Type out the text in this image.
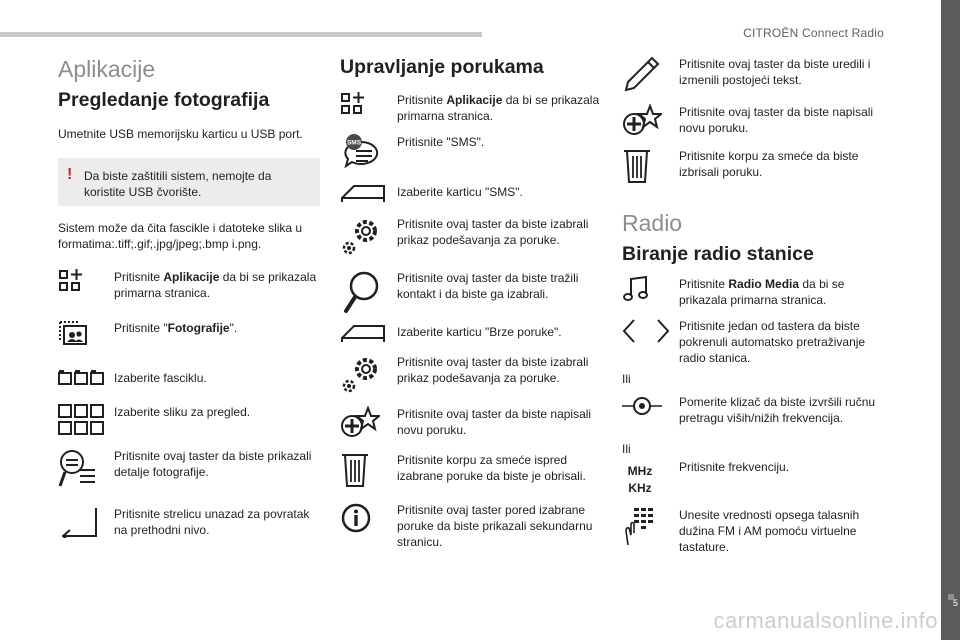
CITROËN Connect Radio
5
carmanualsonline.info
Aplikacije
Pregledanje fotografija
Umetnite USB memorijsku karticu u USB port.
! Da biste zaštitili sistem, nemojte da koristite USB čvorište.
Sistem može da čita fascikle i datoteke slika u formatima:.tiff;.gif;.jpg/jpeg;.bmp i.png.
Pritisnite Aplikacije da bi se prikazala primarna stranica.
Pritisnite "Fotografije".
Izaberite fasciklu.
Izaberite sliku za pregled.
Pritisnite ovaj taster da biste prikazali detalje fotografije.
Pritisnite strelicu unazad za povratak na prethodni nivo.
Upravljanje porukama
Pritisnite Aplikacije da bi se prikazala primarna stranica.
SMS	Pritisnite "SMS".
Izaberite karticu "SMS".
Pritisnite ovaj taster da biste izabrali prikaz podešavanja za poruke.
Pritisnite ovaj taster da biste tražili kontakt i da biste ga izabrali.
Izaberite karticu "Brze poruke".
Pritisnite ovaj taster da biste izabrali prikaz podešavanja za poruke.
Pritisnite ovaj taster da biste napisali novu poruku.
Pritisnite korpu za smeće ispred izabrane poruke da biste je obrisali.
Pritisnite ovaj taster pored izabrane poruke da biste prikazali sekundarnu stranicu.
Pritisnite ovaj taster da biste uredili i izmenili postojeći tekst.
Pritisnite ovaj taster da biste napisali novu poruku.
Pritisnite korpu za smeće da biste izbrisali poruku.
Radio
Biranje radio stanice
Pritisnite Radio Media da bi se prikazala primarna stranica.
Pritisnite jedan od tastera da biste pokrenuli automatsko pretraživanje radio stanica.
Ili
Pomerite klizač da biste izvršili ručnu pretragu viših/nižih frekvencija.
Ili
MHz
KHz
Pritisnite frekvenciju.
Unesite vrednosti opsega talasnih dužina FM i AM pomoću virtuelne tastature.
